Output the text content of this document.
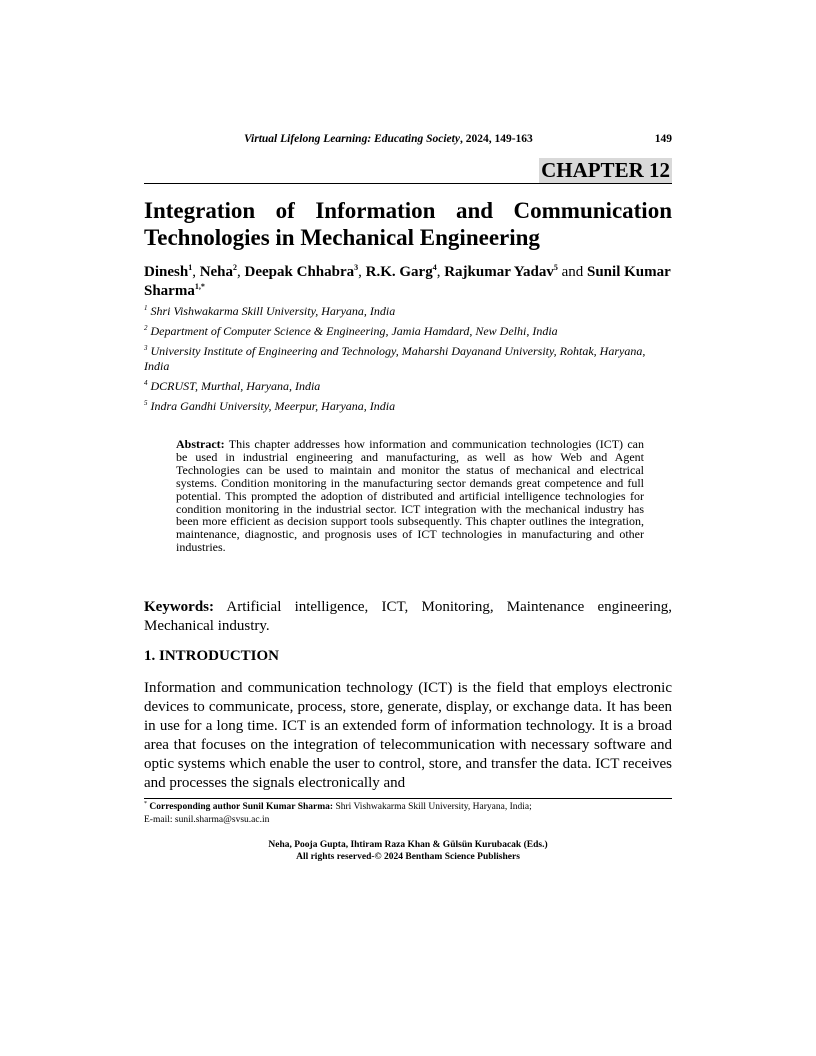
Virtual Lifelong Learning: Educating Society, 2024, 149-163	149
CHAPTER 12
Integration of Information and Communication Technologies in Mechanical Engineering
Dinesh$^1$, Neha$^2$, Deepak Chhabra$^3$, R.K. Garg$^4$, Rajkumar Yadav$^5$ and Sunil Kumar Sharma$^{1,*}$
$^1$ Shri Vishwakarma Skill University, Haryana, India
$^2$ Department of Computer Science & Engineering, Jamia Hamdard, New Delhi, India
$^3$ University Institute of Engineering and Technology, Maharshi Dayanand University, Rohtak, Haryana, India
$^4$ DCRUST, Murthal, Haryana, India
$^5$ Indra Gandhi University, Meerpur, Haryana, India
Abstract: This chapter addresses how information and communication technologies (ICT) can be used in industrial engineering and manufacturing, as well as how Web and Agent Technologies can be used to maintain and monitor the status of mechanical and electrical systems. Condition monitoring in the manufacturing sector demands great competence and full potential. This prompted the adoption of distributed and artificial intelligence technologies for condition monitoring in the industrial sector. ICT integration with the mechanical industry has been more efficient as decision support tools subsequently. This chapter outlines the integration, maintenance, diagnostic, and prognosis uses of ICT technologies in manufacturing and other industries.
Keywords: Artificial intelligence, ICT, Monitoring, Maintenance engineering, Mechanical industry.
1. INTRODUCTION
Information and communication technology (ICT) is the field that employs electronic devices to communicate, process, store, generate, display, or exchange data. It has been in use for a long time. ICT is an extended form of information technology. It is a broad area that focuses on the integration of telecommunication with necessary software and optic systems which enable the user to control, store, and transfer the data. ICT receives and processes the signals electronically and
* Corresponding author Sunil Kumar Sharma: Shri Vishwakarma Skill University, Haryana, India;
E-mail: sunil.sharma@svsu.ac.in
Neha, Pooja Gupta, Ihtiram Raza Khan & Gülsün Kurubacak (Eds.)
All rights reserved-© 2024 Bentham Science Publishers
